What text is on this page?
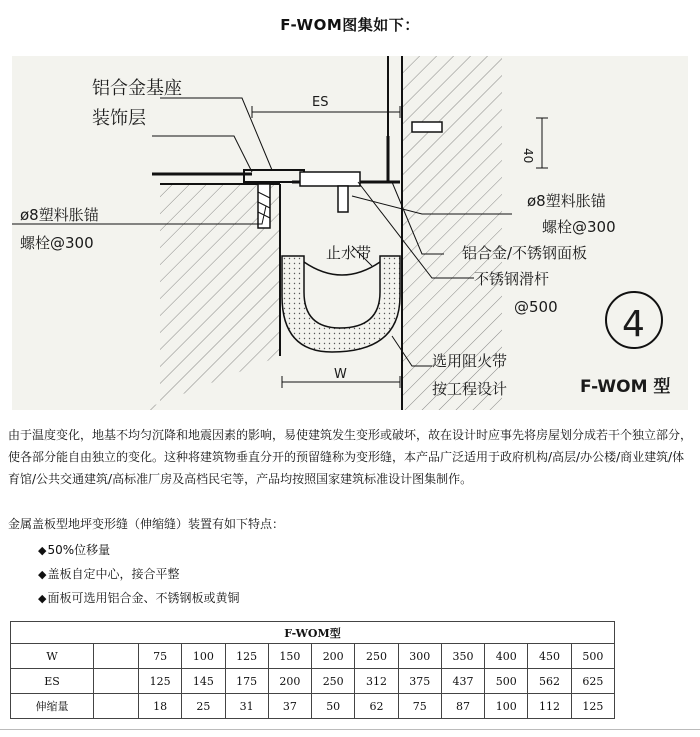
F-WOM图集如下：
ES
W
40
铝合金基座
装饰层
ø8塑料胀锚
螺栓@300
ø8塑料胀锚
螺栓@300
止水带	铝合金/不锈钢面板
不锈钢滑杆
@500
选用阻火带
按工程设计	F-WOM 型
4

由于温度变化，地基不均匀沉降和地震因素的影响，易使建筑发生变形或破坏，故在设计时应事先将房屋划分成若干个独立部分，使各部分能自由独立的变化。这种将建筑物垂直分开的预留缝称为变形缝，本产品广泛适用于政府机构/高层/办公楼/商业建筑/体育馆/公共交通建筑/高标准厂房及高档民宅等，产品均按照国家建筑标准设计图集制作。

金属盖板型地坪变形缝（伸缩缝）装置有如下特点：

◆ 50%位移量
◆ 盖板自定中心，接合平整
◆ 面板可选用铝合金、不锈钢板或黄铜
F-WOM型												
W		75	100	125	150	200	250	300	350	400	450	500
ES		125	145	175	200	250	312	375	437	500	562	625
伸缩量		18	25	31	37	50	62	75	87	100	112	125
